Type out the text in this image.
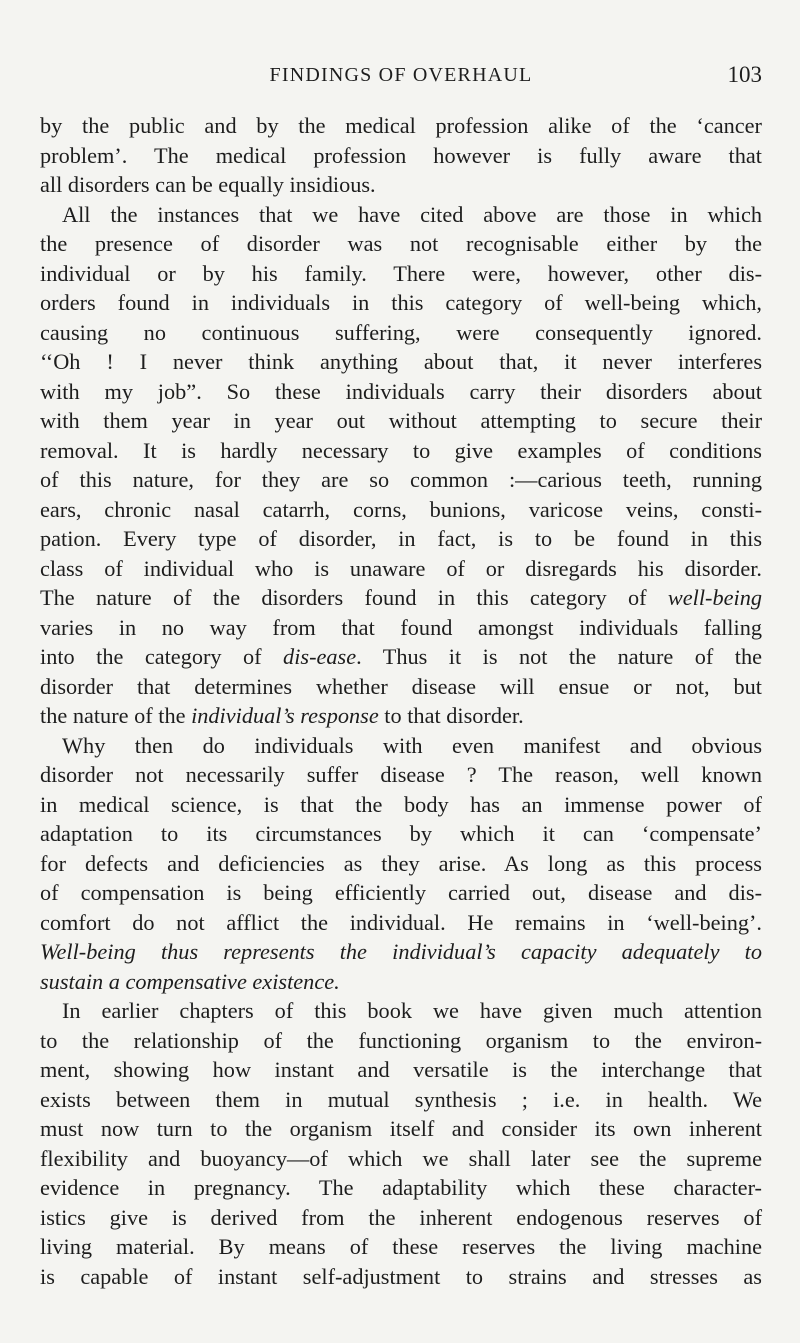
FINDINGS OF OVERHAUL	103
by the public and by the medical profession alike of the ‘cancer
problem’. The medical profession however is fully aware that
all disorders can be equally insidious.
All the instances that we have cited above are those in which
the presence of disorder was not recognisable either by the
individual or by his family. There were, however, other dis-
orders found in individuals in this category of well-being which,
causing no continuous suffering, were consequently ignored.
‘‘Oh ! I never think anything about that, it never interferes
with my job”. So these individuals carry their disorders about
with them year in year out without attempting to secure their
removal. It is hardly necessary to give examples of conditions
of this nature, for they are so common :—carious teeth, running
ears, chronic nasal catarrh, corns, bunions, varicose veins, consti-
pation. Every type of disorder, in fact, is to be found in this
class of individual who is unaware of or disregards his disorder.
The nature of the disorders found in this category of well-being
varies in no way from that found amongst individuals falling
into the category of dis-ease. Thus it is not the nature of the
disorder that determines whether disease will ensue or not, but
the nature of the individual’s response to that disorder.
Why then do individuals with even manifest and obvious
disorder not necessarily suffer disease ? The reason, well known
in medical science, is that the body has an immense power of
adaptation to its circumstances by which it can ‘compensate’
for defects and deficiencies as they arise. As long as this process
of compensation is being efficiently carried out, disease and dis-
comfort do not afflict the individual. He remains in ‘well-being’.
Well-being thus represents the individual’s capacity adequately to
sustain a compensative existence.
In earlier chapters of this book we have given much attention
to the relationship of the functioning organism to the environ-
ment, showing how instant and versatile is the interchange that
exists between them in mutual synthesis ; i.e. in health. We
must now turn to the organism itself and consider its own inherent
flexibility and buoyancy—of which we shall later see the supreme
evidence in pregnancy. The adaptability which these character-
istics give is derived from the inherent endogenous reserves of
living material. By means of these reserves the living machine
is capable of instant self-adjustment to strains and stresses as
